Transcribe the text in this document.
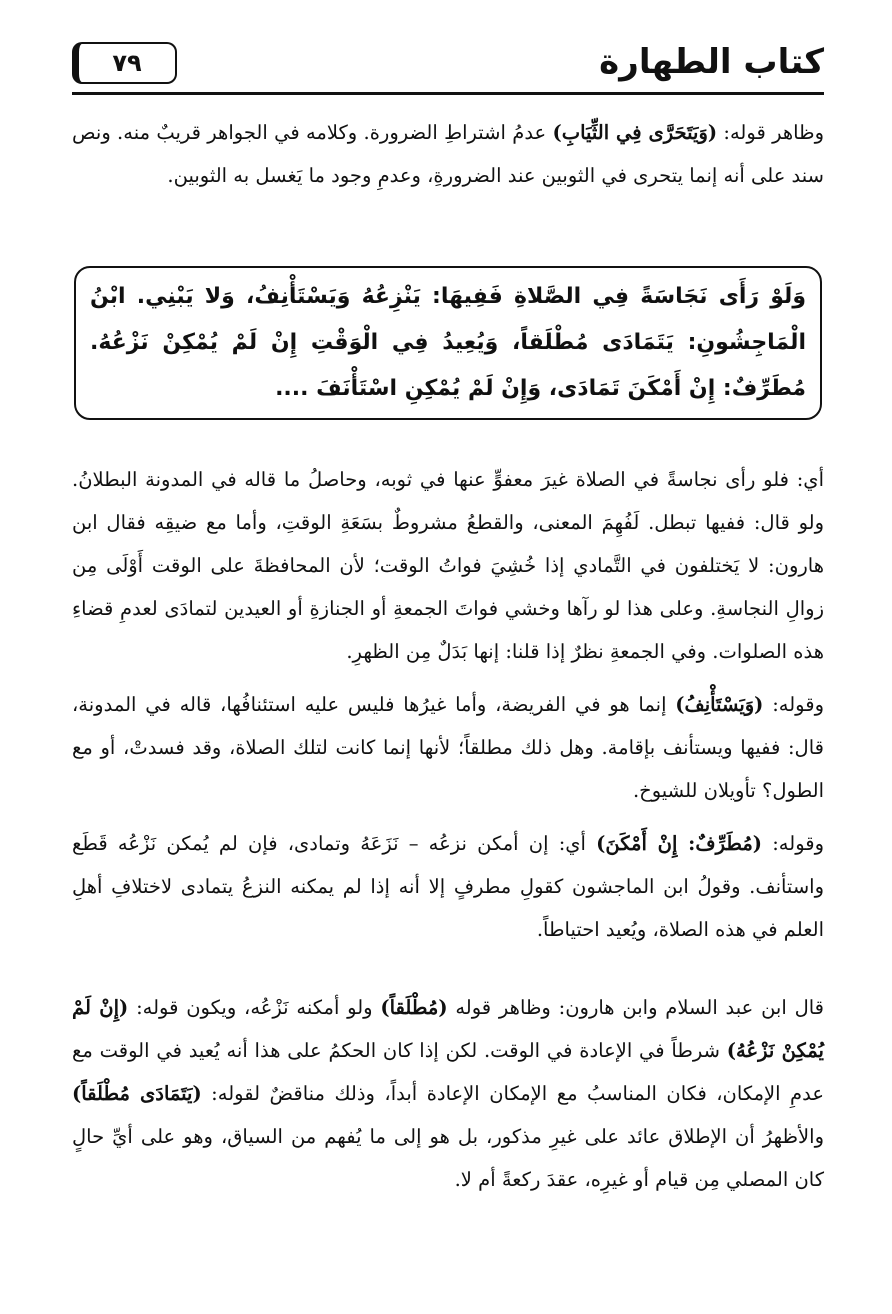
كتاب الطهارة
٧٩

وظاهر قوله: (وَيَتَحَرَّى فِي الثِّيَابِ) عدمُ اشتراطِ الضرورة. وكلامه في الجواهر قريبٌ منه. ونص سند على أنه إنما يتحرى في الثوبين عند الضرورةِ، وعدمِ وجود ما يَغسل به الثوبين.

وَلَوْ رَأَى نَجَاسَةً فِي الصَّلاةِ فَفِيهَا: يَنْزِعُهُ وَيَسْتَأْنِفُ، وَلا يَبْنِي. ابْنُ الْمَاجِشُونِ: يَتَمَادَى مُطْلَقاً، وَيُعِيدُ فِي الْوَقْتِ إِنْ لَمْ يُمْكِنْ نَزْعُهُ. مُطَرِّفٌ: إِنْ أَمْكَنَ تَمَادَى، وَإِنْ لَمْ يُمْكِنِ اسْتَأْنَفَ ....

أي: فلو رأى نجاسةً في الصلاة غيرَ معفوٍّ عنها في ثوبه، وحاصلُ ما قاله في المدونة البطلانُ. ولو قال: ففيها تبطل. لَفُهِمَ المعنى، والقطعُ مشروطٌ بسَعَةِ الوقتِ، وأما مع ضيقِه فقال ابن هارون: لا يَختلفون في التَّمادي إذا خُشِيَ فواتُ الوقت؛ لأن المحافظةَ على الوقت أَوْلَى مِن زوالِ النجاسةِ. وعلى هذا لو رآها وخشي فواتَ الجمعةِ أو الجنازةِ أو العيدين لتمادَى لعدمِ قضاءِ هذه الصلوات. وفي الجمعةِ نظرٌ إذا قلنا: إنها بَدَلٌ مِن الظهرِ.

وقوله: (وَيَسْتَأْنِفُ) إنما هو في الفريضة، وأما غيرُها فليس عليه استئنافُها، قاله في المدونة، قال: ففيها ويستأنف بإقامة. وهل ذلك مطلقاً؛ لأنها إنما كانت لتلك الصلاة، وقد فسدتْ، أو مع الطول؟ تأويلان للشيوخ.

وقوله: (مُطَرِّفٌ: إِنْ أَمْكَنَ) أي: إن أمكن نزعُه – نَزَعَهُ وتمادى، فإن لم يُمكن نَزْعُه قَطَع واستأنف. وقولُ ابن الماجشون كقولِ مطرفٍ إلا أنه إذا لم يمكنه النزعُ يتمادى لاختلافِ أهلِ العلم في هذه الصلاة، ويُعيد احتياطاً.

قال ابن عبد السلام وابن هارون: وظاهر قوله (مُطْلَقاً) ولو أمكنه نَزْعُه، ويكون قوله: (إِنْ لَمْ يُمْكِنْ نَزْعُهُ) شرطاً في الإعادة في الوقت. لكن إذا كان الحكمُ على هذا أنه يُعيد في الوقت مع عدمِ الإمكان، فكان المناسبُ مع الإمكان الإعادة أبداً، وذلك مناقضٌ لقوله: (يَتَمَادَى مُطْلَقاً) والأظهرُ أن الإطلاق عائد على غيرِ مذكور، بل هو إلى ما يُفهم من السياق، وهو على أيِّ حالٍ كان المصلي مِن قيام أو غيرِه، عقدَ ركعةً أم لا.
